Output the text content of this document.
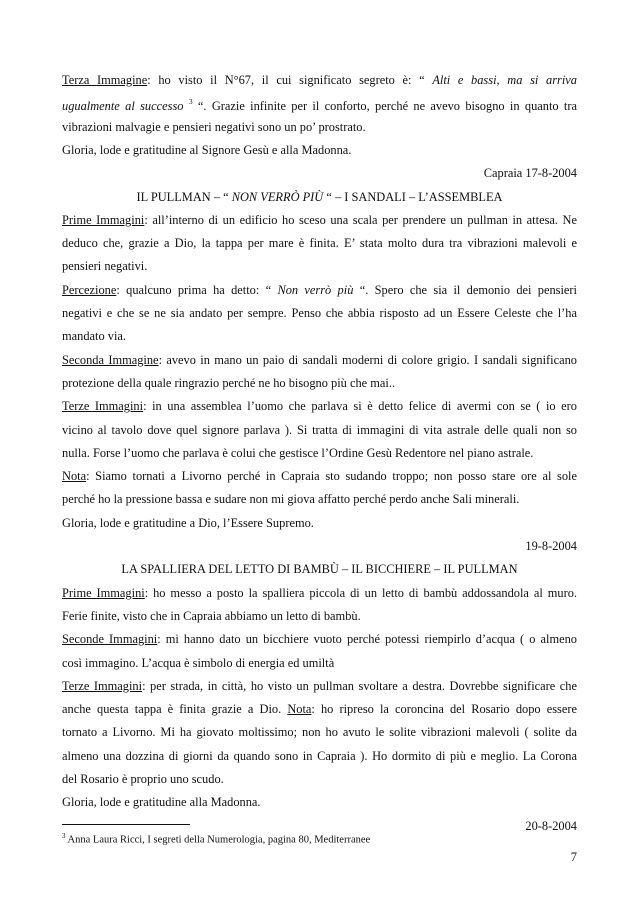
Terza Immagine: ho visto il N°67, il cui significato segreto è: “ Alti e bassi, ma si arriva
ugualmente al successo $^3$ “. Grazie infinite per il conforto, perché ne avevo bisogno in quanto tra
vibrazioni malvagie e pensieri negativi sono un po’ prostrato.
Gloria, lode e gratitudine al Signore Gesù e alla Madonna.
Capraia 17-8-2004
IL PULLMAN – “ NON VERRÒ PIÙ “ – I SANDALI – L’ASSEMBLEA
Prime Immagini: all’interno di un edificio ho sceso una scala per prendere un pullman in attesa. Ne
deduco che, grazie a Dio, la tappa per mare è finita. E’ stata molto dura tra vibrazioni malevoli e
pensieri negativi.
Percezione: qualcuno prima ha detto: “ Non verrò più “. Spero che sia il demonio dei pensieri
negativi e che se ne sia andato per sempre. Penso che abbia risposto ad un Essere Celeste che l’ha
mandato via.
Seconda Immagine: avevo in mano un paio di sandali moderni di colore grigio. I sandali significano
protezione della quale ringrazio perché ne ho bisogno più che mai..
Terze Immagini: in una assemblea l’uomo che parlava si è detto felice di avermi con se ( io ero
vicino al tavolo dove quel signore parlava ). Si tratta di immagini di vita astrale delle quali non so
nulla. Forse l’uomo che parlava è colui che gestisce l’Ordine Gesù Redentore nel piano astrale.
Nota: Siamo tornati a Livorno perché in Capraia sto sudando troppo; non posso stare ore al sole
perché ho la pressione bassa e sudare non mi giova affatto perché perdo anche Sali minerali.
Gloria, lode e gratitudine a Dio, l’Essere Supremo.
19-8-2004
LA SPALLIERA DEL LETTO DI BAMBÙ – IL BICCHIERE – IL PULLMAN
Prime Immagini: ho messo a posto la spalliera piccola di un letto di bambù addossandola al muro.
Ferie finite, visto che in Capraia abbiamo un letto di bambù.
Seconde Immagini: mi hanno dato un bicchiere vuoto perché potessi riempirlo d’acqua ( o almeno
così immagino. L’acqua è simbolo di energia ed umiltà
Terze Immagini: per strada, in città, ho visto un pullman svoltare a destra. Dovrebbe significare che
anche questa tappa è finita grazie a Dio. Nota: ho ripreso la coroncina del Rosario dopo essere
tornato a Livorno. Mi ha giovato moltissimo; non ho avuto le solite vibrazioni malevoli ( solite da
almeno una dozzina di giorni da quando sono in Capraia ). Ho dormito di più e meglio. La Corona
del Rosario è proprio uno scudo.
Gloria, lode e gratitudine alla Madonna.
20-8-2004
$^3$ Anna Laura Ricci, I segreti della Numerologia, pagina 80, Mediterranee
7
